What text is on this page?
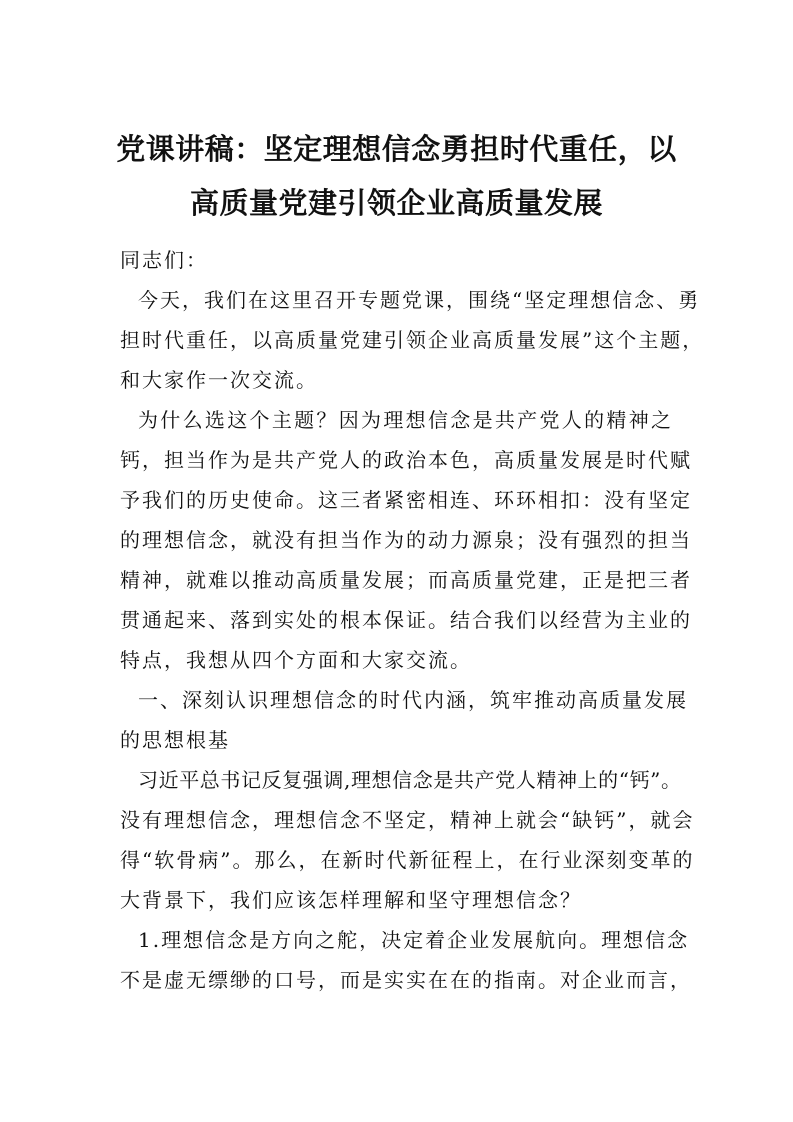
党课讲稿：坚定理想信念勇担时代重任，以
高质量党建引领企业高质量发展

同志们：

今天，我们在这里召开专题党课，围绕“坚定理想信念、勇
担时代重任，以高质量党建引领企业高质量发展”这个主题，
和大家作一次交流。

为什么选这个主题？因为理想信念是共产党人的精神之
钙，担当作为是共产党人的政治本色，高质量发展是时代赋
予我们的历史使命。这三者紧密相连、环环相扣：没有坚定
的理想信念，就没有担当作为的动力源泉；没有强烈的担当
精神，就难以推动高质量发展；而高质量党建，正是把三者
贯通起来、落到实处的根本保证。结合我们以经营为主业的
特点，我想从四个方面和大家交流。

一、深刻认识理想信念的时代内涵，筑牢推动高质量发展
的思想根基

习近平总书记反复强调,理想信念是共产党人精神上的“钙”。
没有理想信念，理想信念不坚定，精神上就会“缺钙”，就会
得“软骨病”。那么，在新时代新征程上，在行业深刻变革的
大背景下，我们应该怎样理解和坚守理想信念？

1.理想信念是方向之舵，决定着企业发展航向。理想信念
不是虚无缥缈的口号，而是实实在在的指南。对企业而言，
